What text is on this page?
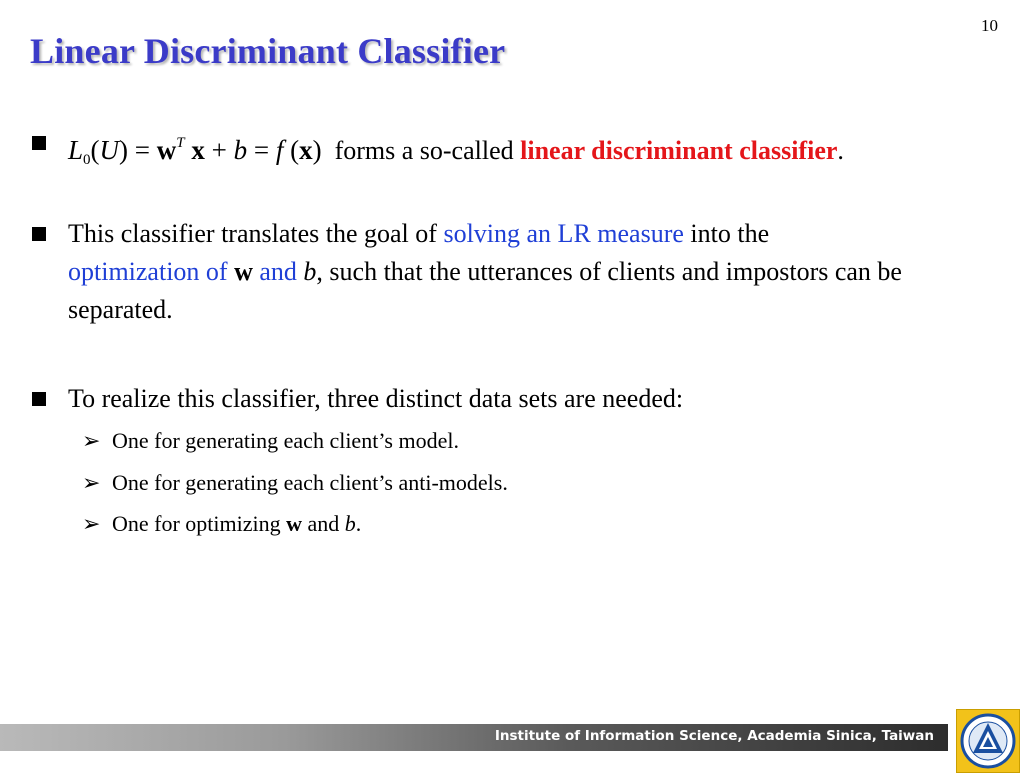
10
Linear Discriminant Classifier
$L_0(U) = w^T$ x + b = f (x) forms a so-called linear discriminant classifier.
This classifier translates the goal of solving an LR measure into the
optimization of w and b, such that the utterances of clients and impostors can be separated.
To realize this classifier, three distinct data sets are needed:
➢ One for generating each client’s model.
➢ One for generating each client’s anti-models.
➢ One for optimizing w and b.
Institute of Information Science, Academia Sinica, Taiwan
